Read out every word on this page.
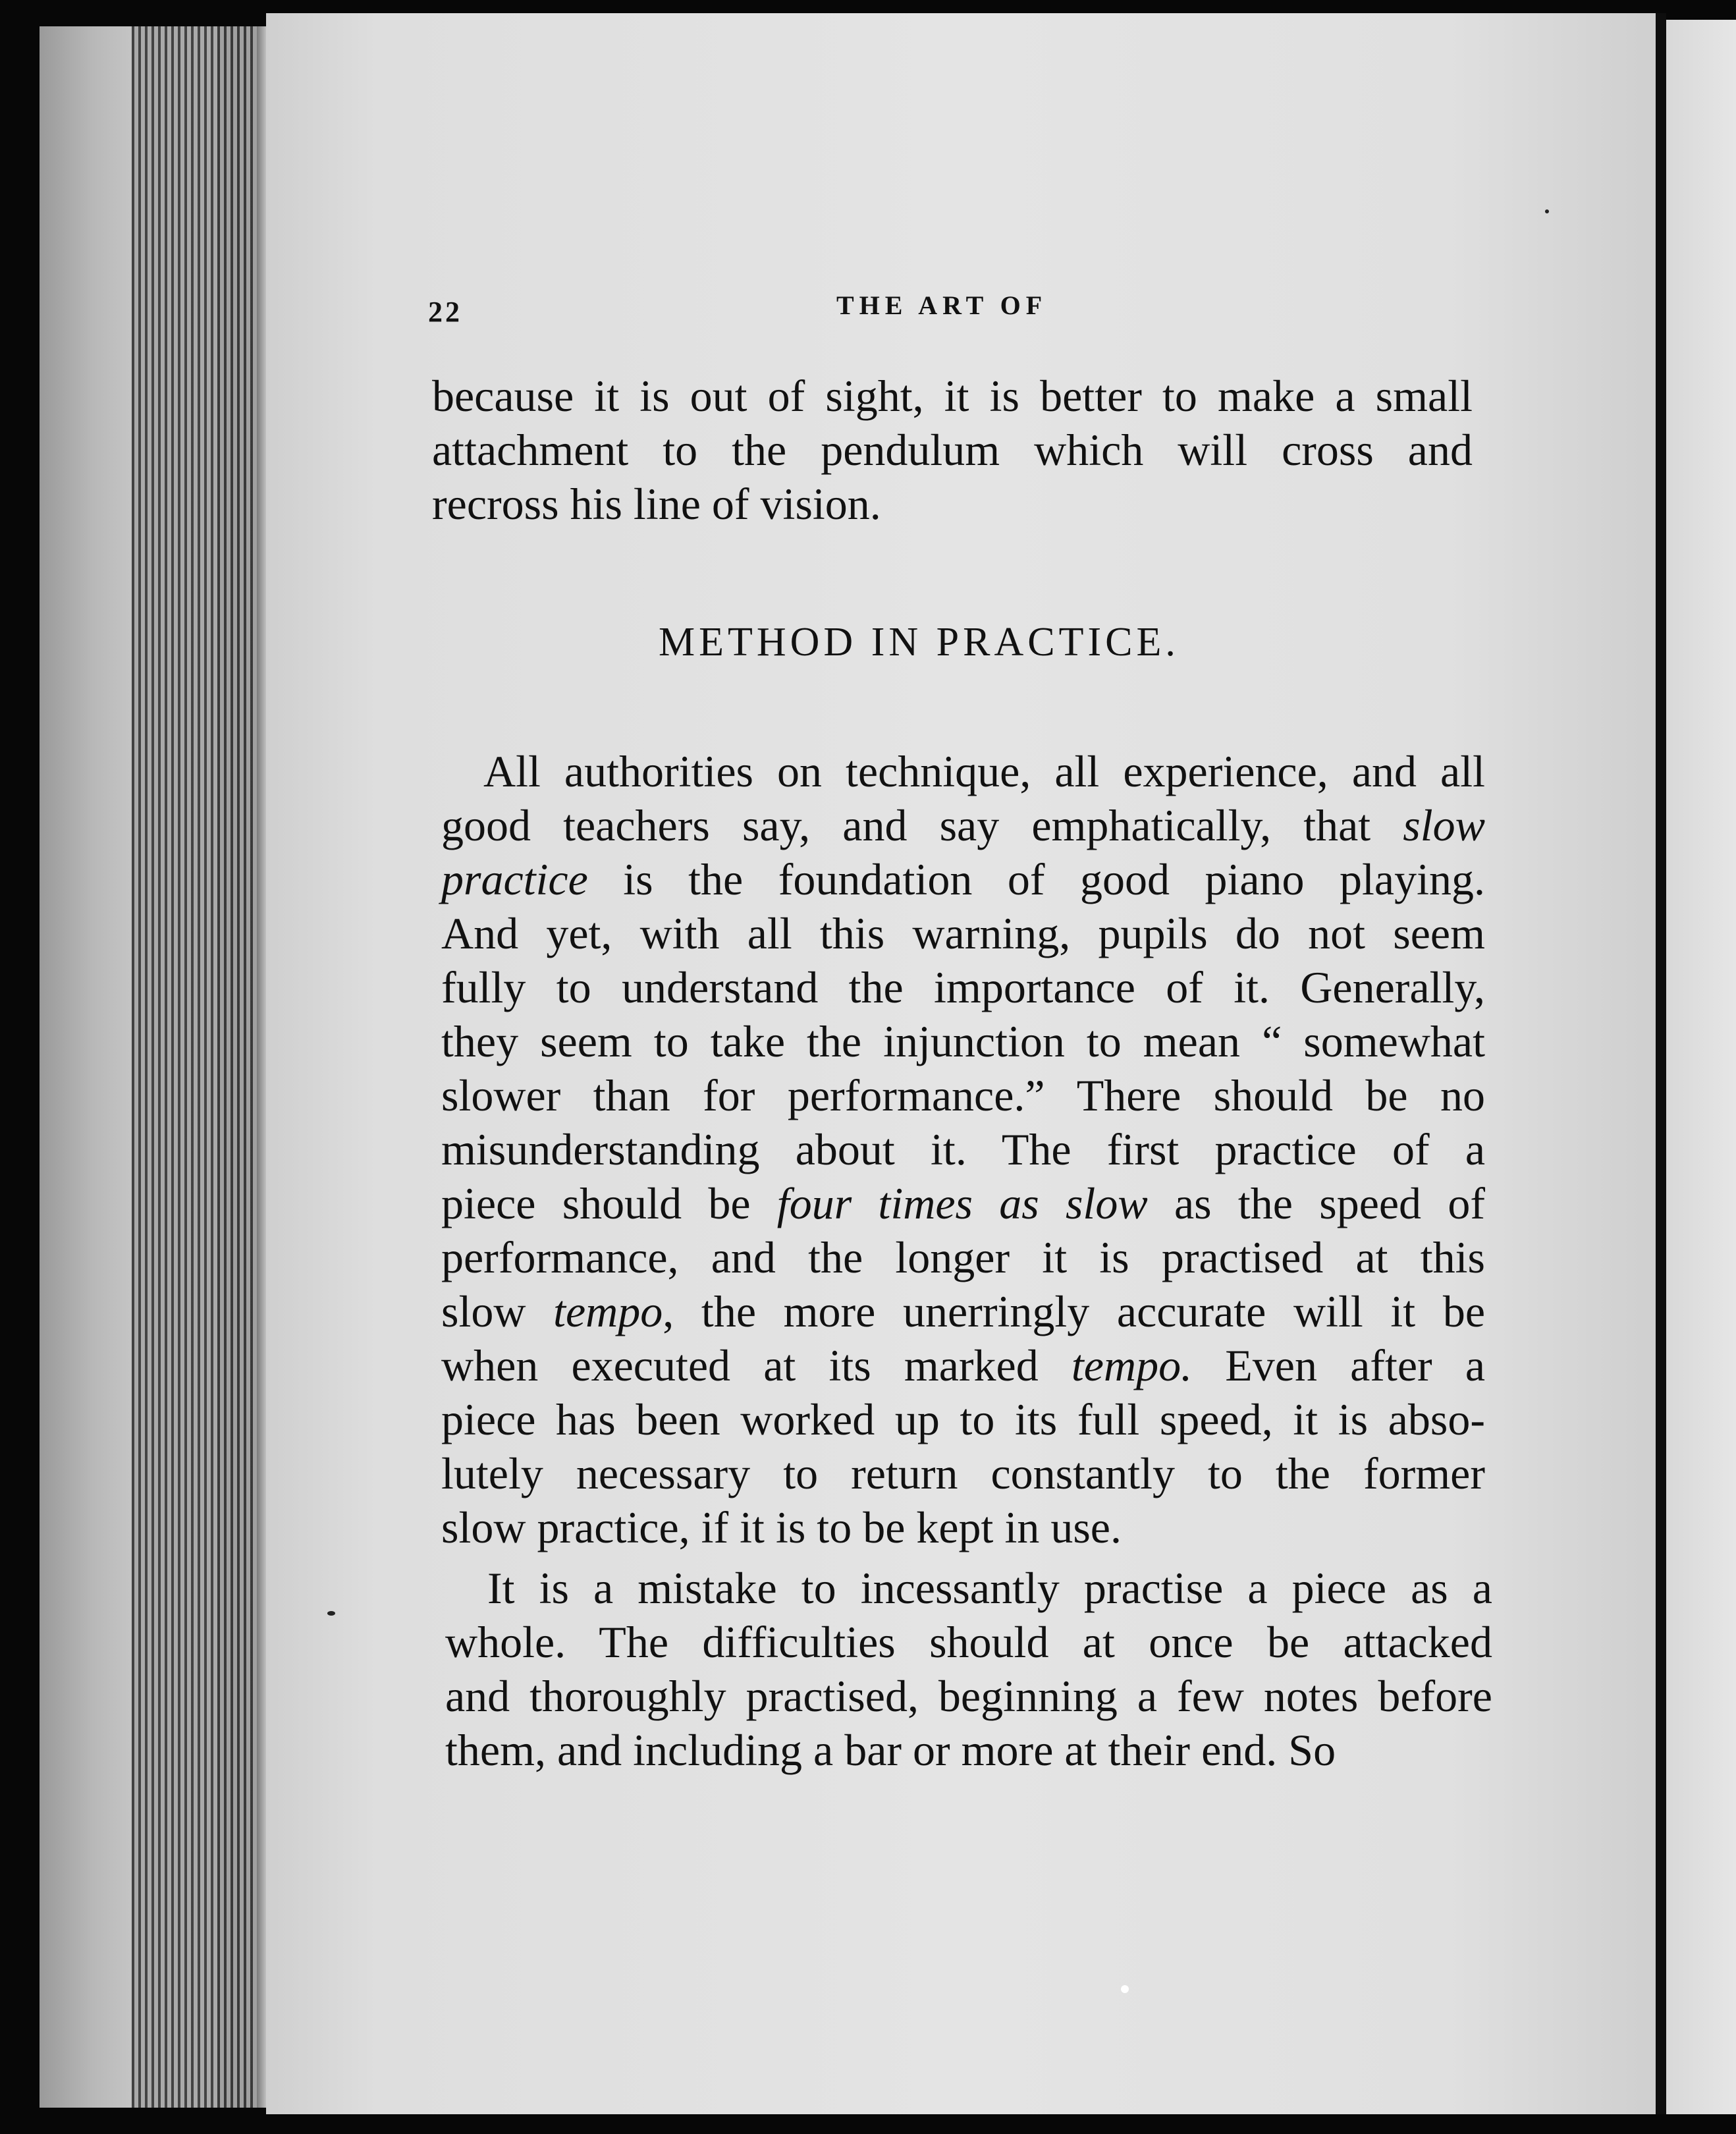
22	THE ART OF
because it is out of sight, it is better to make a small
attachment to the pendulum which will cross and
recross his line of vision.
METHOD IN PRACTICE.
All authorities on technique, all experience, and all
good teachers say, and say emphatically, that slow
practice is the foundation of good piano playing.
And yet, with all this warning, pupils do not seem
fully to understand the importance of it. Generally,
they seem to take the injunction to mean “ somewhat
slower than for performance.” There should be no
misunderstanding about it. The first practice of a
piece should be four times as slow as the speed of
performance, and the longer it is practised at this
slow tempo, the more unerringly accurate will it be
when executed at its marked tempo. Even after a
piece has been worked up to its full speed, it is abso-
lutely necessary to return constantly to the former
slow practice, if it is to be kept in use.
It is a mistake to incessantly practise a piece as a
whole. The difficulties should at once be attacked
and thoroughly practised, beginning a few notes before
them, and including a bar or more at their end. So
